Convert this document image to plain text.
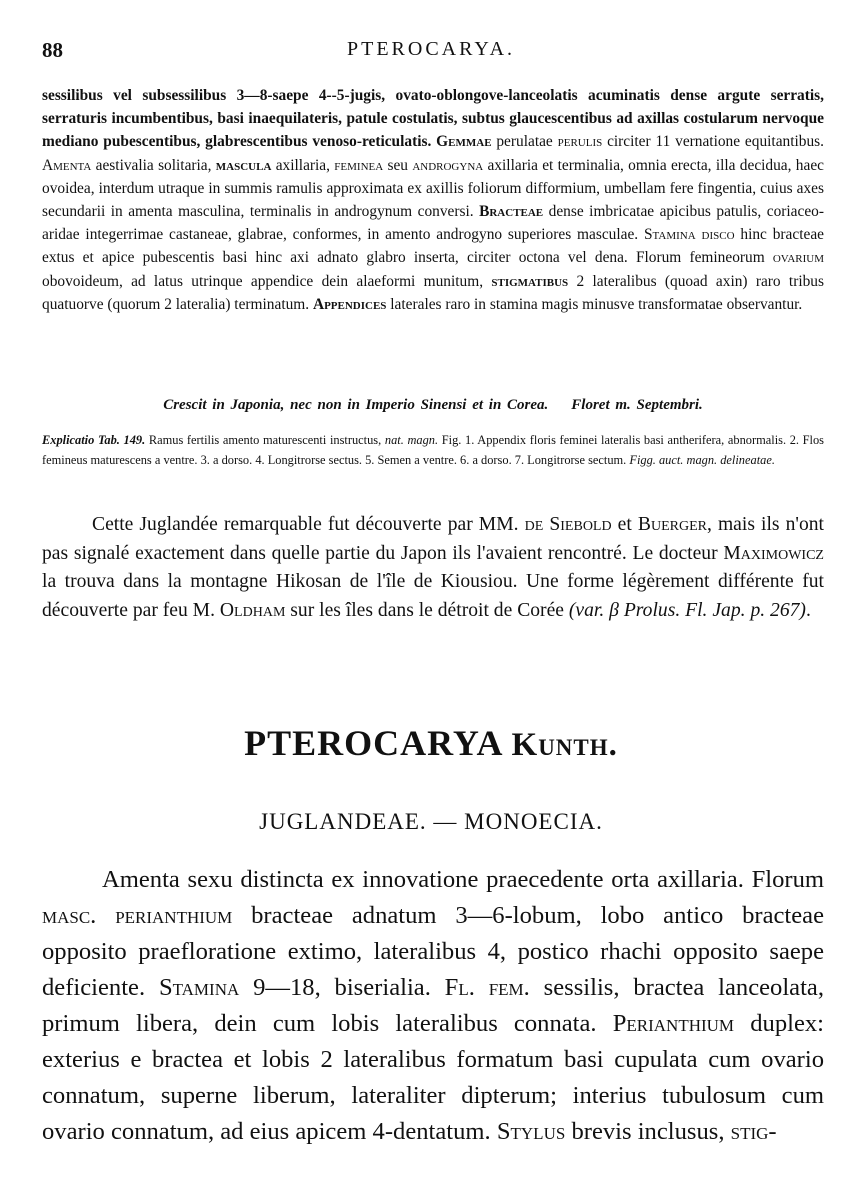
88	PTEROCARYA.

sessilibus vel subsessilibus 3—8-saepe 4--5-jugis, ovato-oblongove-lanceolatis acuminatis dense argute serratis, serraturis incumbentibus, basi inaequilateris, patule costulatis, subtus glaucescentibus ad axillas costularum nervoque mediano pubescentibus, glabrescentibus venoso-reticulatis. Gemmae perulatae perulis circiter 11 vernatione equitantibus. Amenta aestivalia solitaria, mascula axillaria, feminea seu androgyna axillaria et terminalia, omnia erecta, illa decidua, haec ovoidea, interdum utraque in summis ramulis approximata ex axillis foliorum difformium, umbellam fere fingentia, cuius axes secundarii in amenta masculina, terminalis in androgynum conversi. Bracteae dense imbricatae apicibus patulis, coriaceo-aridae integerrimae castaneae, glabrae, conformes, in amento androgyno superiores masculae. Stamina disco hinc bracteae extus et apice pubescentis basi hinc axi adnato glabro inserta, circiter octona vel dena. Florum femineorum ovarium obovoideum, ad latus utrinque appendice dein alaeformi munitum, stigmatibus 2 lateralibus (quoad axin) raro tribus quatuorve (quorum 2 lateralia) terminatum. Appendices laterales raro in stamina magis minusve transformatae observantur.

Crescit in Japonia, nec non in Imperio Sinensi et in Corea. Floret m. Septembri.

Explicatio Tab. 149. Ramus fertilis amento maturescenti instructus, nat. magn. Fig. 1. Appendix floris feminei lateralis basi antherifera, abnormalis. 2. Flos femineus maturescens a ventre. 3. a dorso. 4. Longitrorse sectus. 5. Semen a ventre. 6. a dorso. 7. Longitrorse sectum. Figg. auct. magn. delineatae.

Cette Juglandée remarquable fut découverte par MM. de Siebold et Buerger, mais ils n'ont pas signalé exactement dans quelle partie du Japon ils l'avaient rencontré. Le docteur Maximowicz la trouva dans la montagne Hikosan de l'île de Kiousiou. Une forme légèrement différente fut découverte par feu M. Oldham sur les îles dans le détroit de Corée (var. β Prolus. Fl. Jap. p. 267).

PTEROCARYA Kunth.
JUGLANDEAE. — MONOECIA.

Amenta sexu distincta ex innovatione praecedente orta axillaria. Florum masc. perianthium bracteae adnatum 3—6-lobum, lobo antico bracteae opposito praefloratione extimo, lateralibus 4, postico rhachi opposito saepe deficiente. Stamina 9—18, biserialia. Fl. fem. sessilis, bractea lanceolata, primum libera, dein cum lobis lateralibus connata. Perianthium duplex: exterius e bractea et lobis 2 lateralibus formatum basi cupulata cum ovario connatum, superne liberum, lateraliter dipterum; interius tubulosum cum ovario connatum, ad eius apicem 4-dentatum. Stylus brevis inclusus, stig-
